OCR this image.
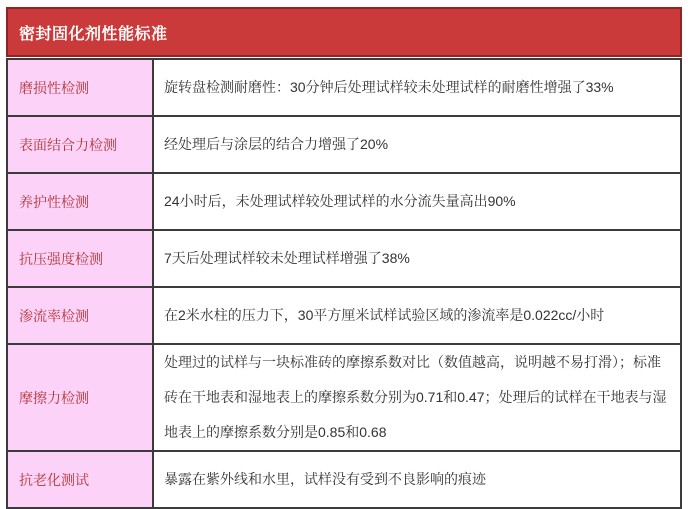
密封固化剂性能标准
磨损性检测	旋转盘检测耐磨性：30分钟后处理试样较未处理试样的耐磨性增强了33%
表面结合力检测	经处理后与涂层的结合力增强了20%
养护性检测	24小时后，未处理试样较处理试样的水分流失量高出90%
抗压强度检测	7天后处理试样较未处理试样增强了38%
渗流率检测	在2米水柱的压力下，30平方厘米试样试验区域的渗流率是0.022cc/小时
摩擦力检测	处理过的试样与一块标准砖的摩擦系数对比（数值越高，说明越不易打滑）；标准砖在干地表和湿地表上的摩擦系数分别为0.71和0.47；处理后的试样在干地表与湿地表上的摩擦系数分别是0.85和0.68
抗老化测试	暴露在紫外线和水里，试样没有受到不良影响的痕迹
